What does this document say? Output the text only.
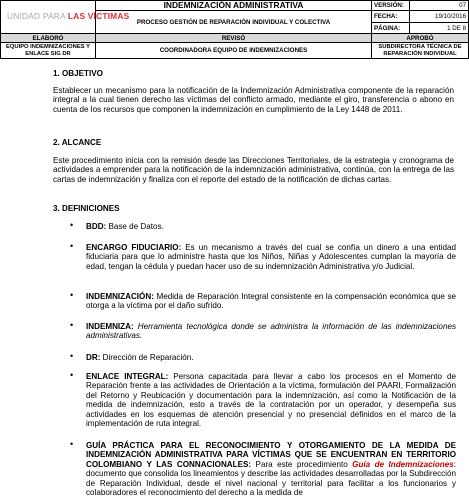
UNIDAD PARA LAS VÍCTIMAS	INDEMNIZACIÓN ADMINISTRATIVA	VERSIÓN:	07
	PROCESO GESTIÓN DE REPARACIÓN INDIVIDUAL Y COLECTIVA	FECHA:	19/10/2016
		PÁGINA:	1 DE 8
ELABORÓ	REVISÓ	APROBÓ	
EQUIPO INDEMNIZACIONES Y ENLACE SIG DR	COORDINADORA EQUIPO DE INDEMNIZACIONES	SUBDIRECTORA TÉCNICA DE REPARACIÓN INDIVIDUAL	
1. OBJETIVO
Establecer un mecanismo para la notificación de la Indemnización Administrativa componente de la reparación integral a la cual tienen derecho las víctimas del conflicto armado, mediante el giro, transferencia o abono en cuenta de los recursos que componen la indemnización en cumplimiento de la Ley 1448 de 2011.
2. ALCANCE
Este procedimiento inicia con la remisión desde las Direcciones Territoriales, de la estrategia y cronograma de actividades a emprender para la notificación de la indemnización administrativa, continúa, con la entrega de las cartas de indemnización y finaliza con el reporte del estado de la notificación de dichas cartas.
3. DEFINICIONES
• BDD: Base de Datos.
• ENCARGO FIDUCIARIO: Es un mecanismo a través del cual se confía un dinero a una entidad fiduciaria para que lo administre hasta que los Niños, Niñas y Adolescentes cumplan la mayoría de edad, tengan la cédula y puedan hacer uso de su indemnización Administrativa y/o Judicial.
• INDEMNIZACIÓN: Medida de Reparación Integral consistente en la compensación económica que se otorga a la víctima por el daño sufrido.
• INDEMNIZA: Herramienta tecnológica donde se administra la información de las indemnizaciones administrativas.
• DR: Dirección de Reparación.
• ENLACE INTEGRAL: Persona capacitada para llevar a cabo los procesos en el Momento de Reparación frente a las actividades de Orientación a la víctima, formulación del PAARI, Formalización del Retorno y Reubicación y documentación para la indemnización, así como la Notificación de la medida de indemnización, esto a través de la contratación por un operador, y desempeña sus actividades en los esquemas de atención presencial y no presencial definidos en el marco de la implementación de ruta integral.
• GUÍA PRÁCTICA PARA EL RECONOCIMIENTO Y OTORGAMIENTO DE LA MEDIDA DE INDEMNIZACIÓN ADMINISTRATIVA PARA VÍCTIMAS QUE SE ENCUENTRAN EN TERRITORIO COLOMBIANO Y LAS CONNACIONALES: Para este procedimiento Guía de Indemnizaciones: documento que consolida los lineamientos y describe las actividades desarrolladas por la Subdirección de Reparación Individual, desde el nivel nacional y territorial para facilitar a los funcionarios y colaboradores el reconocimiento del derecho a la medida de
